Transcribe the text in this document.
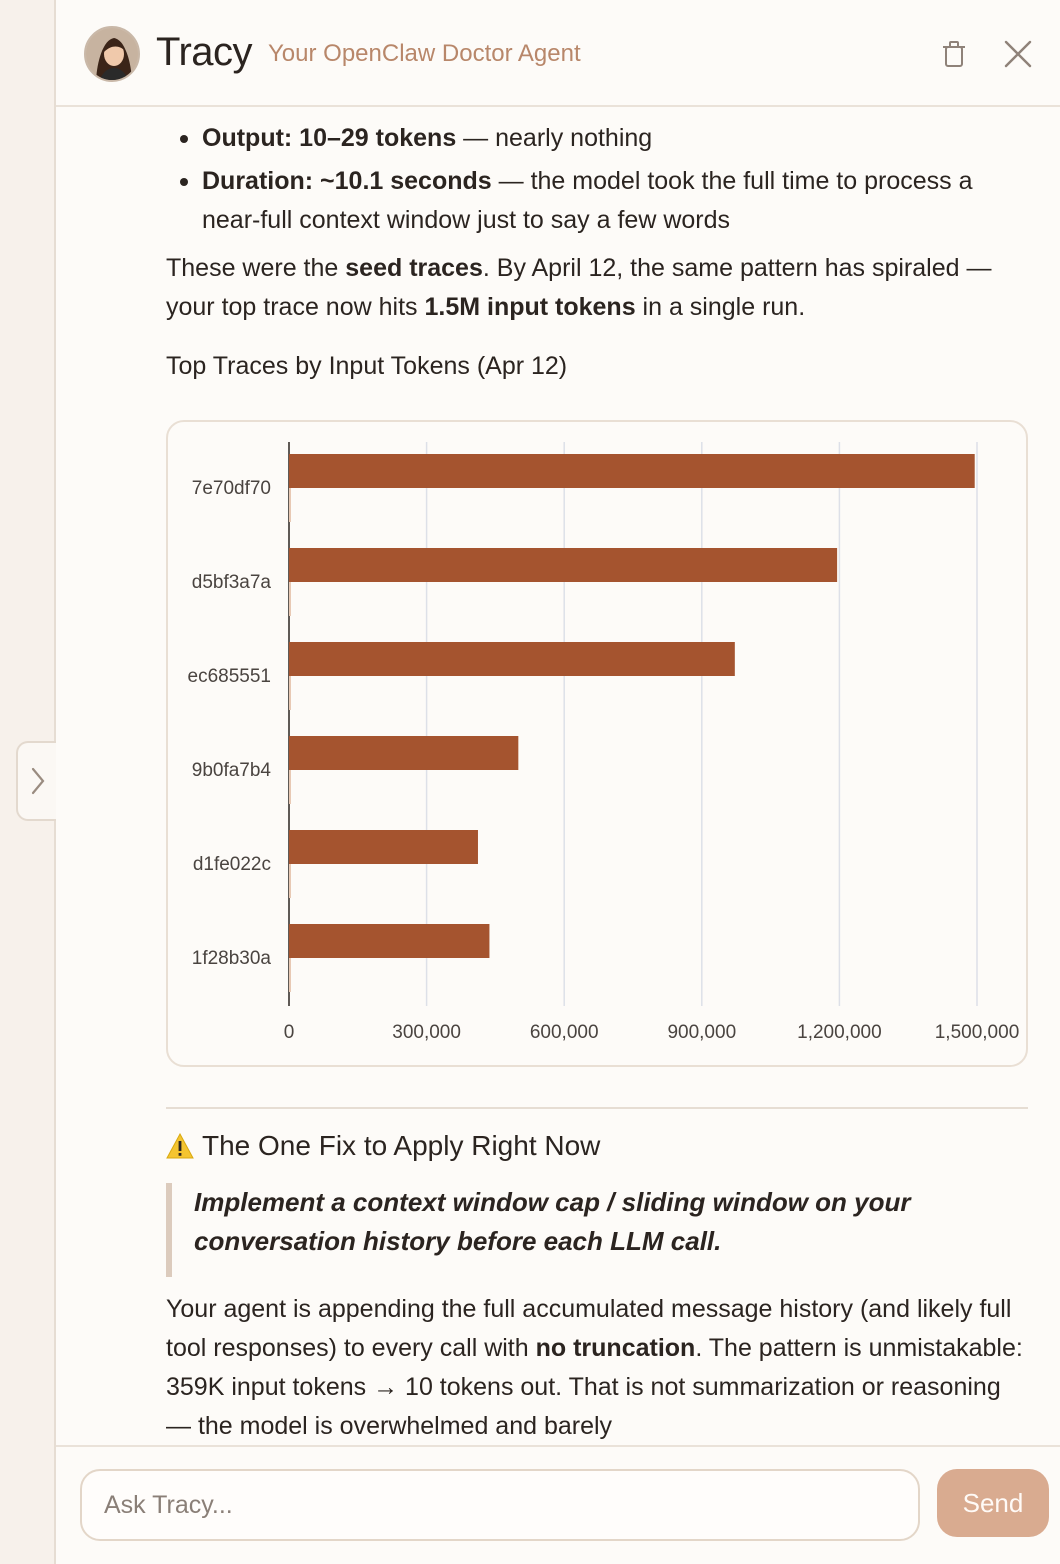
Tracy Your OpenClaw Doctor Agent
Output: 10–29 tokens — nearly nothing
Duration: ~10.1 seconds — the model took the full time to process a near-full context window just to say a few words

These were the seed traces. By April 12, the same pattern has spiraled — your top trace now hits 1.5M input tokens in a single run.

Top Traces by Input Tokens (Apr 12)
0	300,000	600,000	900,000	1,200,000	1,500,000
7e70df70
d5bf3a7a
ec685551
9b0fa7b4
d1fe022c
1f28b30a
The One Fix to Apply Right Now
Implement a context window cap / sliding window on your conversation history before each LLM call.

Your agent is appending the full accumulated message history (and likely full tool responses) to every call with no truncation. The pattern is unmistakable: 359K input tokens → 10 tokens out. That is not summarization or reasoning — the model is overwhelmed and barely

Ask Tracy...
Send
